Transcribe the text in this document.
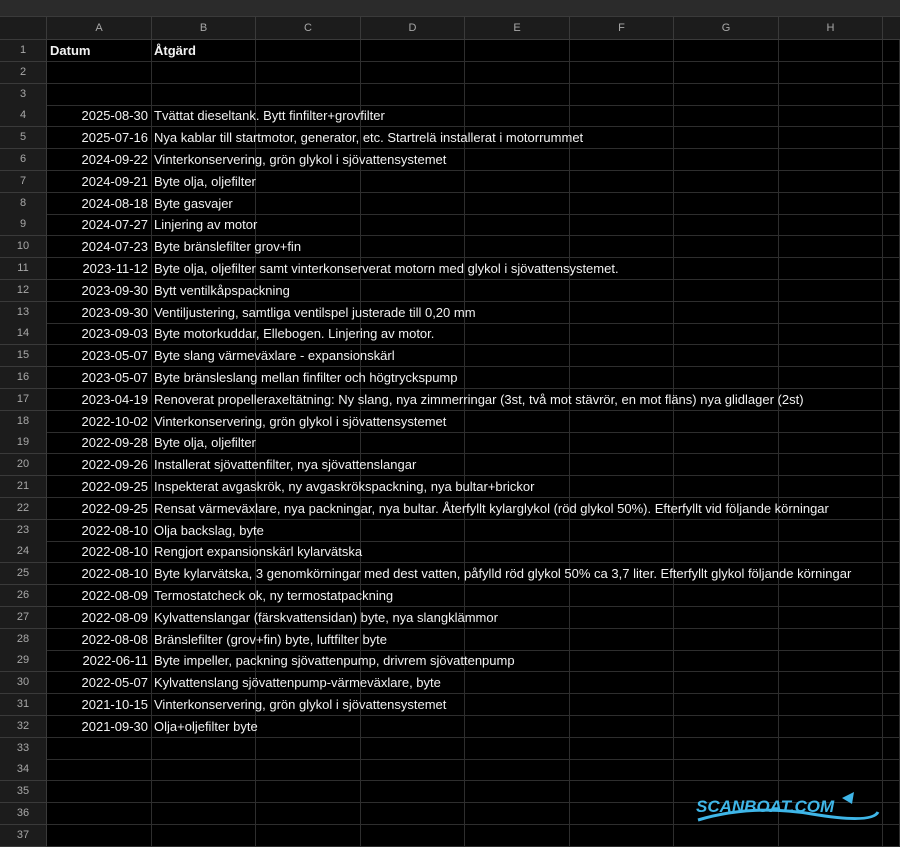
A	B	C	D	E	F	G	H
1	Datum	Åtgärd
2
3
4	2025-08-30 Tvättat dieseltank. Bytt finfilter+grovfilter
5	2025-07-16 Nya kablar till startmotor, generator, etc. Startrelä installerat i motorrummet
6	2024-09-22 Vinterkonservering, grön glykol i sjövattensystemet
7	2024-09-21 Byte olja, oljefilter
8	2024-08-18 Byte gasvajer
9	2024-07-27 Linjering av motor
10	2024-07-23 Byte bränslefilter grov+fin
11	2023-11-12 Byte olja, oljefilter samt vinterkonserverat motorn med glykol i sjövattensystemet.
12	2023-09-30 Bytt ventilkåpspackning
13	2023-09-30 Ventiljustering, samtliga ventilspel justerade till 0,20 mm
14	2023-09-03 Byte motorkuddar, Ellebogen. Linjering av motor.
15	2023-05-07 Byte slang värmeväxlare - expansionskärl
16	2023-05-07 Byte bränsleslang mellan finfilter och högtryckspump
17	2023-04-19 Renoverat propelleraxeltätning: Ny slang, nya zimmerringar (3st, två mot stävrör, en mot fläns) nya glidlager (2st)
18	2022-10-02 Vinterkonservering, grön glykol i sjövattensystemet
19	2022-09-28 Byte olja, oljefilter
20	2022-09-26 Installerat sjövattenfilter, nya sjövattenslangar
21	2022-09-25 Inspekterat avgaskrök, ny avgaskrökspackning, nya bultar+brickor
22	2022-09-25 Rensat värmeväxlare, nya packningar, nya bultar. Återfyllt kylarglykol (röd glykol 50%). Efterfyllt vid följande körningar
23	2022-08-10 Olja backslag, byte
24	2022-08-10 Rengjort expansionskärl kylarvätska
25	2022-08-10 Byte kylarvätska, 3 genomkörningar med dest vatten, påfylld röd glykol 50% ca 3,7 liter. Efterfyllt glykol följande körningar
26	2022-08-09 Termostatcheck ok, ny termostatpackning
27	2022-08-09 Kylvattenslangar (färskvattensidan) byte, nya slangklämmor
28	2022-08-08 Bränslefilter (grov+fin) byte, luftfilter byte
29	2022-06-11 Byte impeller, packning sjövattenpump, drivrem sjövattenpump
30	2022-05-07 Kylvattenslang sjövattenpump-värmeväxlare, byte
31	2021-10-15 Vinterkonservering, grön glykol i sjövattensystemet
32	2021-09-30 Olja+oljefilter byte
33
34
35
36
37
SCANBOAT.COM
